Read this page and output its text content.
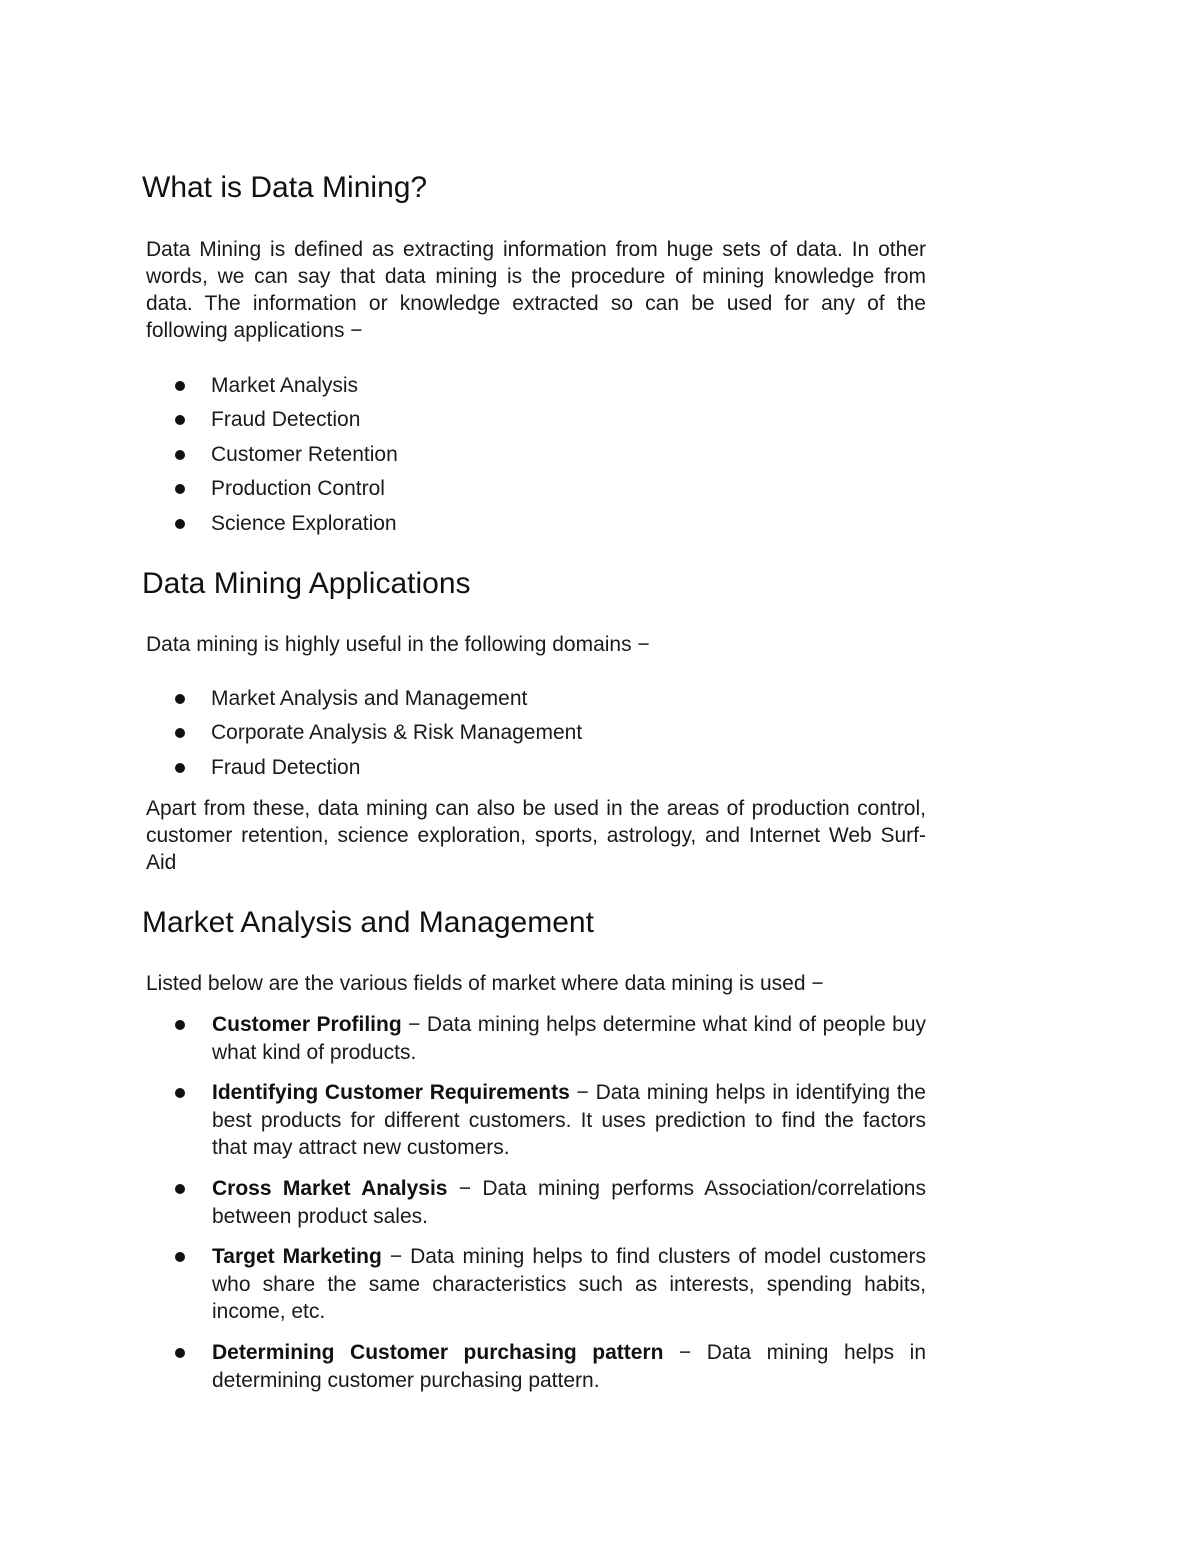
What is Data Mining?

Data Mining is defined as extracting information from huge sets of data. In other words, we can say that data mining is the procedure of mining knowledge from data. The information or knowledge extracted so can be used for any of the following applications −

Market Analysis
Fraud Detection
Customer Retention
Production Control
Science Exploration
Data Mining Applications

Data mining is highly useful in the following domains −

Market Analysis and Management
Corporate Analysis & Risk Management
Fraud Detection

Apart from these, data mining can also be used in the areas of production control, customer retention, science exploration, sports, astrology, and Internet Web Surf-Aid

Market Analysis and Management

Listed below are the various fields of market where data mining is used −

Customer Profiling − Data mining helps determine what kind of people buy what kind of products.
Identifying Customer Requirements − Data mining helps in identifying the best products for different customers. It uses prediction to find the factors that may attract new customers.
Cross Market Analysis − Data mining performs Association/correlations between product sales.
Target Marketing − Data mining helps to find clusters of model customers who share the same characteristics such as interests, spending habits, income, etc.
Determining Customer purchasing pattern − Data mining helps in determining customer purchasing pattern.
